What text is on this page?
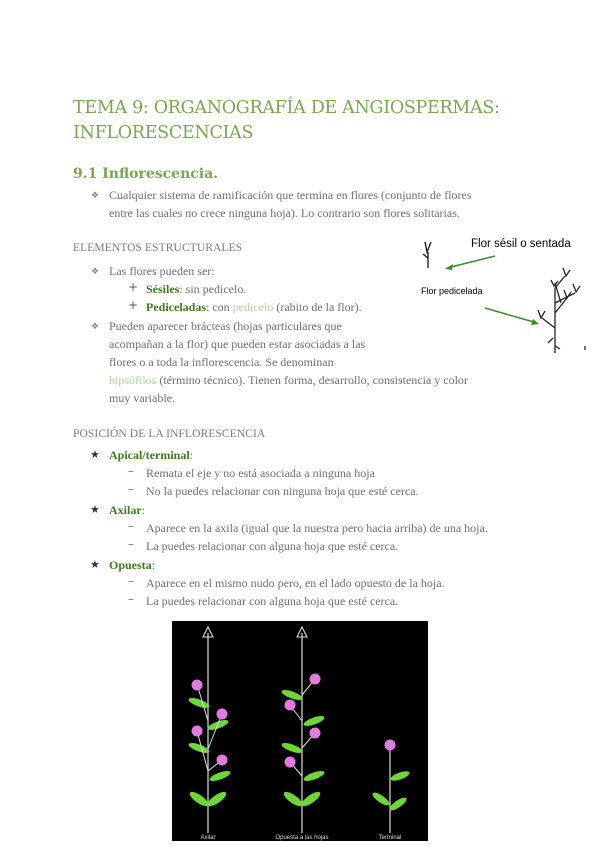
TEMA 9: ORGANOGRAFÍA DE ANGIOSPERMAS: INFLORESCENCIAS
9.1 Inflorescencia.
❖ Cualquier sistema de ramificación que termina en flores (conjunto de flores
entre las cuales no crece ninguna hoja). Lo contrario son flores solitarias.
ELEMENTOS ESTRUCTURALES
❖ Las flores pueden ser:
+ Sésiles: sin pedicelo.
+ Pediceladas: con pedicelo (rabito de la flor).
❖ Pueden aparecer brácteas (hojas particulares que
acompañan a la flor) que pueden estar asociadas a las
flores o a toda la inflorescencia. Se denominan
hipsófilos (término técnico). Tienen forma, desarrollo, consistencia y color
muy variable.
Flor sésil o sentada
Flor pedicelada
POSICIÓN DE LA INFLORESCENCIA
★ Apical/terminal:
– Remata el eje y no está asociada a ninguna hoja
– No la puedes relacionar con ninguna hoja que esté cerca.
★ Axilar:
– Aparece en la axila (igual que la nuestra pero hacia arriba) de una hoja.
– La puedes relacionar con alguna hoja que esté cerca.
★ Opuesta:
– Aparece en el mismo nudo pero, en el lado opuesto de la hoja.
– La puedes relacionar con alguna hoja que esté cerca.
Axilar	Opuesta a las hojas	Terminal
